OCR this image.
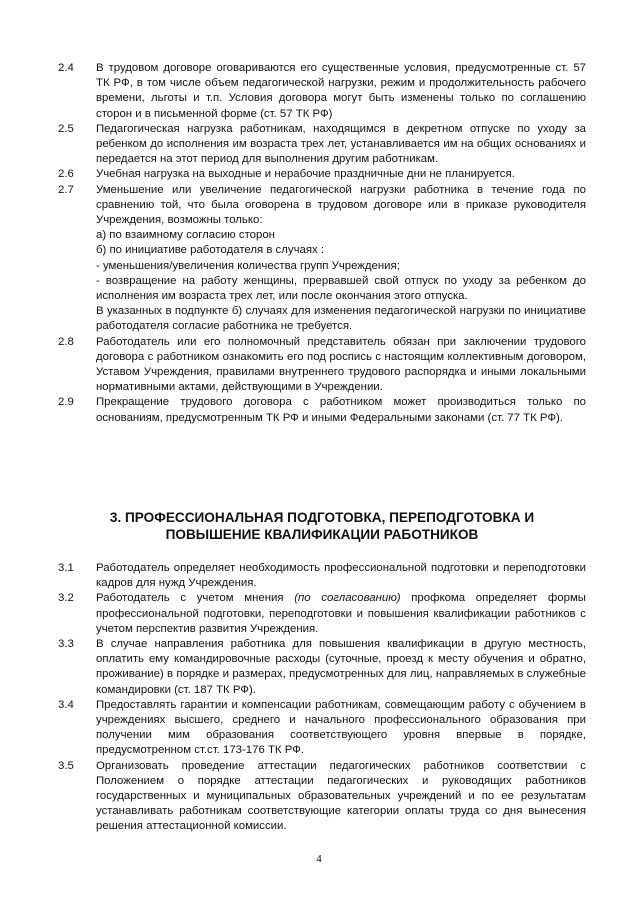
2.4	В трудовом договоре оговариваются его существенные условия, предусмотренные ст. 57 ТК РФ, в том числе объем педагогической нагрузки, режим и продолжительность рабочего времени, льготы и т.п. Условия договора могут быть изменены только по соглашению сторон и в письменной форме (ст. 57 ТК РФ)

2.5	Педагогическая нагрузка работникам, находящимся в декретном отпуске по уходу за ребенком до исполнения им возраста трех лет, устанавливается им на общих основаниях и передается на этот период для выполнения другим работникам.

2.6	Учебная нагрузка на выходные и нерабочие праздничные дни не планируется.

2.7	Уменьшение или увеличение педагогической нагрузки работника в течение года по сравнению той, что была оговорена в трудовом договоре или в приказе руководителя Учреждения, возможны только:

а) по взаимному согласию сторон

б) по инициативе работодателя в случаях :

- уменьшения/увеличения количества групп Учреждения;

- возвращение на работу женщины, прервавшей свой отпуск по уходу за ребенком до исполнения им возраста трех лет, или после окончания этого отпуска.

В указанных в подпункте б) случаях для изменения педагогической нагрузки по инициативе работодателя согласие работника не требуется.

2.8	Работодатель или его полномочный представитель обязан при заключении трудового договора с работником ознакомить его под роспись с настоящим коллективным договором, Уставом Учреждения, правилами внутреннего трудового распорядка и иными локальными нормативными актами, действующими в Учреждении.

2.9	Прекращение трудового договора с работником может производиться только по основаниям, предусмотренным ТК РФ и иными Федеральными законами (ст. 77 ТК РФ).

3. ПРОФЕССИОНАЛЬНАЯ ПОДГОТОВКА, ПЕРЕПОДГОТОВКА И
ПОВЫШЕНИЕ КВАЛИФИКАЦИИ РАБОТНИКОВ
3.1	Работодатель определяет необходимость профессиональной подготовки и переподготовки кадров для нужд Учреждения.

3.2	Работодатель с учетом мнения (по согласованию) профкома определяет формы профессиональной подготовки, переподготовки и повышения квалификации работников с учетом перспектив развития Учреждения.

3.3	В случае направления работника для повышения квалификации в другую местность, оплатить ему командировочные расходы (суточные, проезд к месту обучения и обратно, проживание) в порядке и размерах, предусмотренных для лиц, направляемых в служебные командировки (ст. 187 ТК РФ).

3.4	Предоставлять гарантии и компенсации работникам, совмещающим работу с обучением в учреждениях высшего, среднего и начального профессионального образования при получении мим образования соответствующего уровня впервые в порядке, предусмотренном ст.ст. 173-176 ТК РФ.

3.5	Организовать проведение аттестации педагогических работников соответствии с Положением о порядке аттестации педагогических и руководящих работников государственных и муниципальных образовательных учреждений и по ее результатам устанавливать работникам соответствующие категории оплаты труда со дня вынесения решения аттестационной комиссии.

4
